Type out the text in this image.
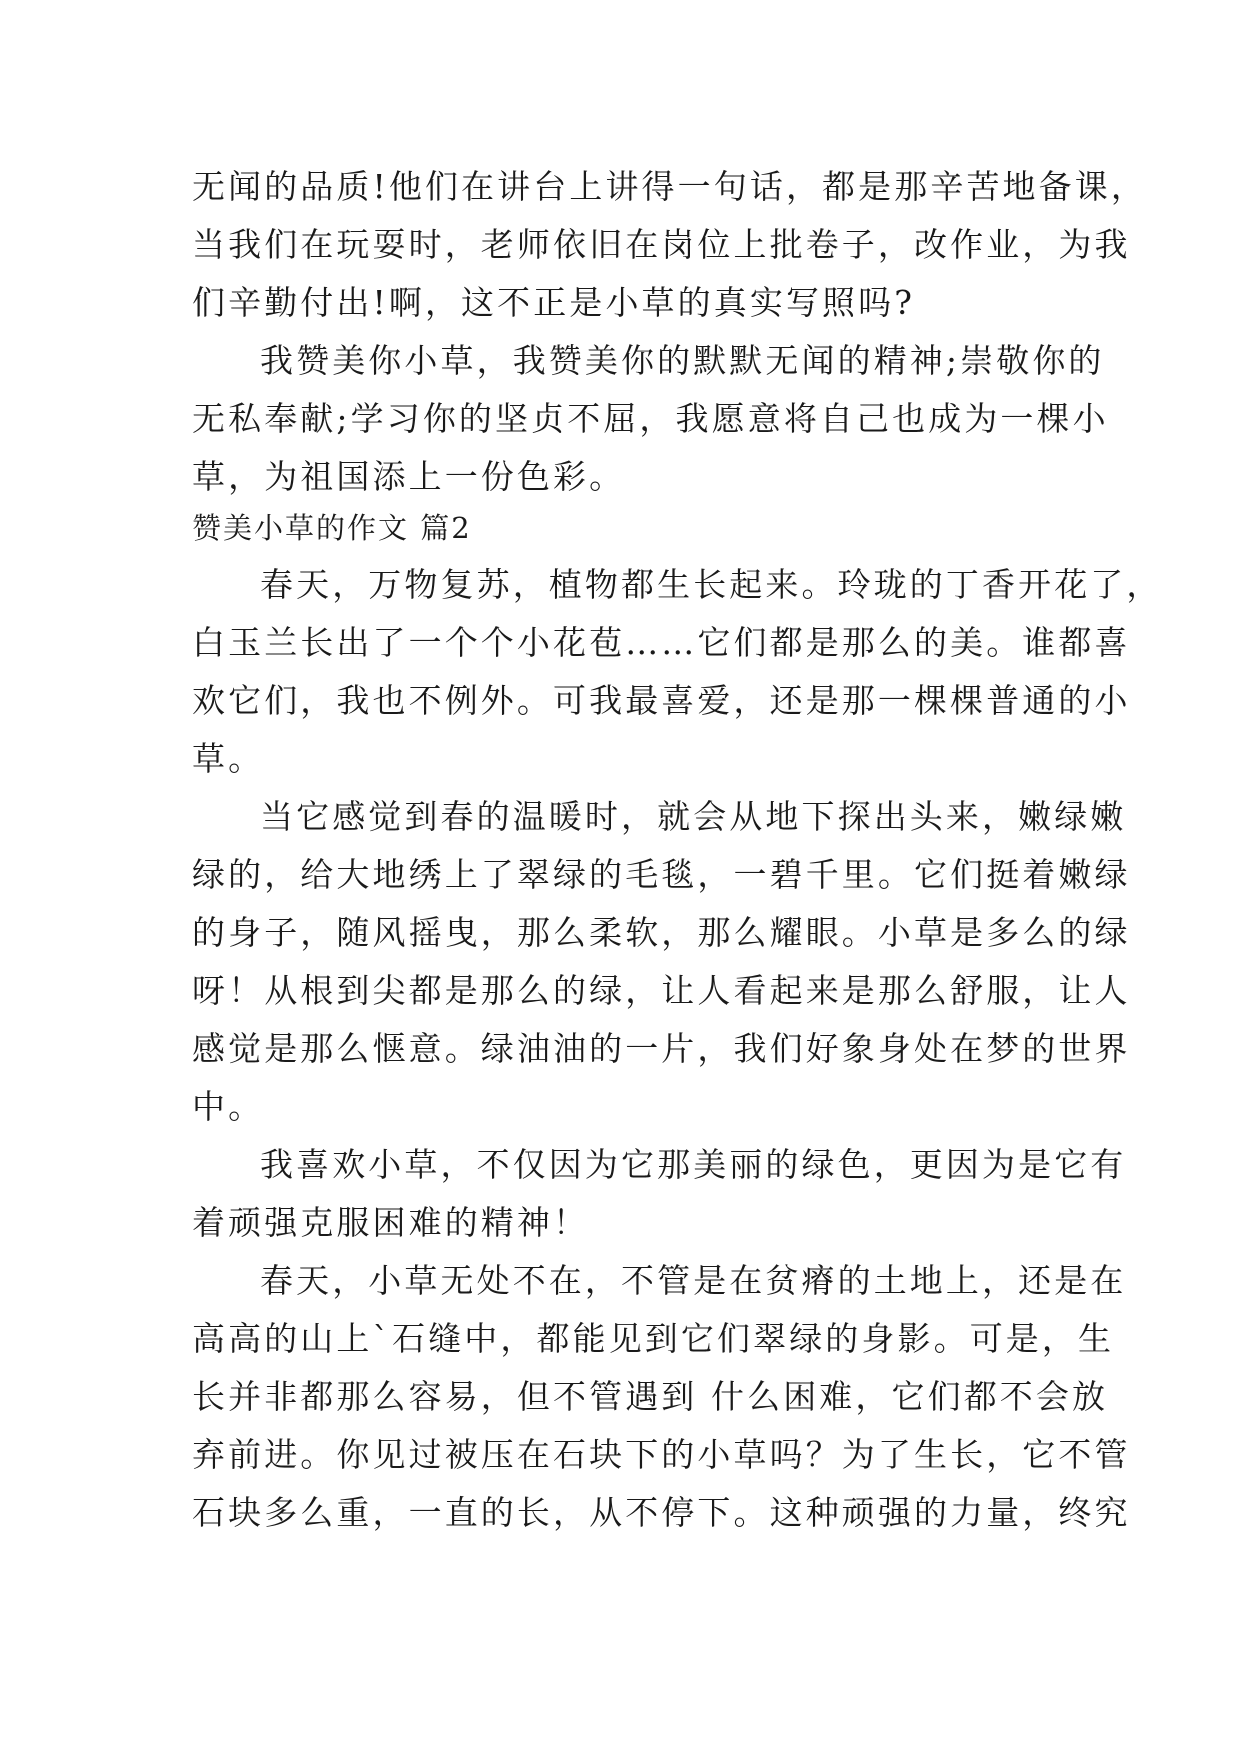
无闻的品质!他们在讲台上讲得一句话，都是那辛苦地备课，
当我们在玩耍时，老师依旧在岗位上批卷子，改作业，为我
们辛勤付出!啊，这不正是小草的真实写照吗?
我赞美你小草，我赞美你的默默无闻的精神;崇敬你的
无私奉献;学习你的坚贞不屈，我愿意将自己也成为一棵小
草，为祖国添上一份色彩。
赞美小草的作文 篇2
春天，万物复苏，植物都生长起来。玲珑的丁香开花了，
白玉兰长出了一个个小花苞……它们都是那么的美。谁都喜
欢它们，我也不例外。可我最喜爱，还是那一棵棵普通的小
草。
当它感觉到春的温暖时，就会从地下探出头来，嫩绿嫩
绿的，给大地绣上了翠绿的毛毯，一碧千里。它们挺着嫩绿
的身子，随风摇曳，那么柔软，那么耀眼。小草是多么的绿
呀！从根到尖都是那么的绿，让人看起来是那么舒服，让人
感觉是那么惬意。绿油油的一片，我们好象身处在梦的世界
中。
我喜欢小草，不仅因为它那美丽的绿色，更因为是它有
着顽强克服困难的精神！
春天，小草无处不在，不管是在贫瘠的土地上，还是在
高高的山上`石缝中，都能见到它们翠绿的身影。可是，生
长并非都那么容易，但不管遇到 什么困难，它们都不会放
弃前进。你见过被压在石块下的小草吗？为了生长，它不管
石块多么重，一直的长，从不停下。这种顽强的力量，终究
